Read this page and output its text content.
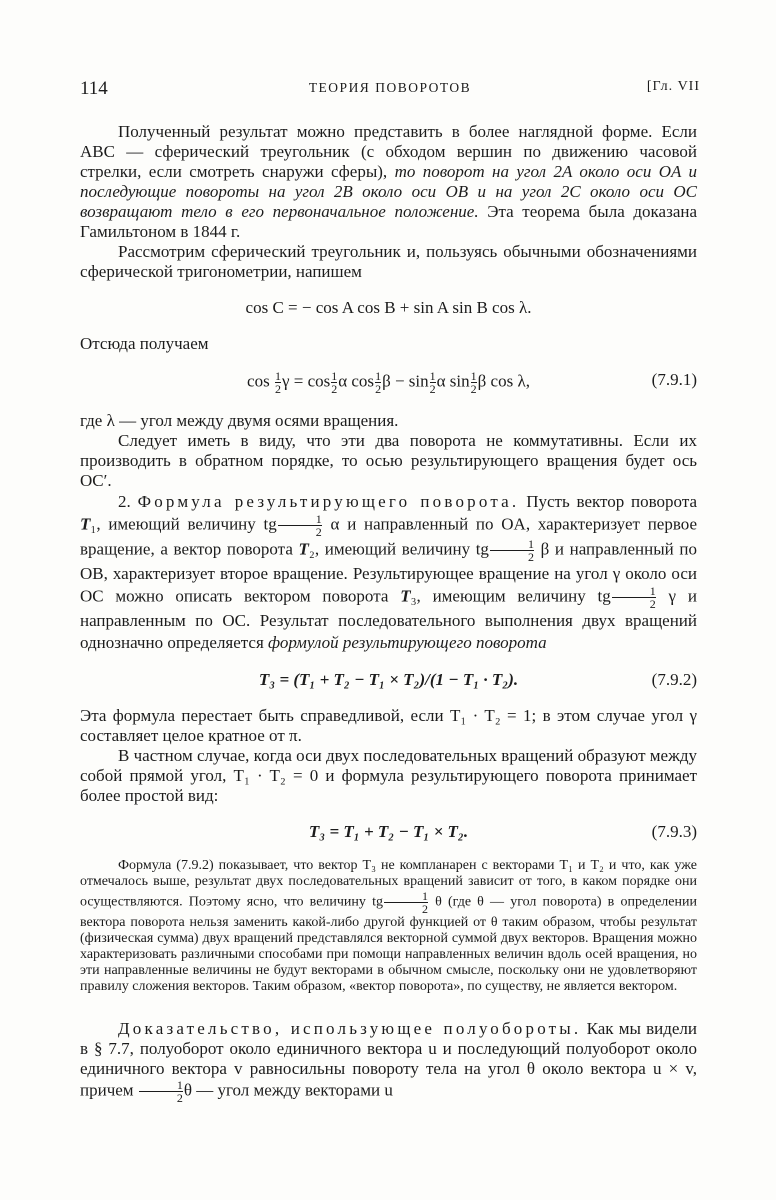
114	ТЕОРИЯ ПОВОРОТОВ	[Гл. VII

Полученный результат можно представить в более наглядной форме. Если ABC — сферический треугольник (с обходом вершин по движению часовой стрелки, если смотреть снаружи сферы), то поворот на угол 2A около оси OA и последующие повороты на угол 2B около оси OB и на угол 2C около оси OC возвращают тело в его первоначальное положение. Эта теорема была доказана Гамильтоном в 1844 г.

Рассмотрим сферический треугольник и, пользуясь обычными обозначениями сферической тригонометрии, напишем

cos C = − cos A cos B + sin A sin B cos λ.

Отсюда получаем

$\cos \frac{1}{2}$ $\gamma = \cos \frac{1}{2}$ α $\cos \frac{1}{2}$ $\beta - \sin \frac{1}{2}$ α $\sin \frac{1}{2}$ β cos λ,	(7.9.1)

где λ — угол между двумя осями вращения.

Следует иметь в виду, что эти два поворота не коммутативны. Если их производить в обратном порядке, то осью результирующего вращения будет ось OC′.

2. Формула результирующего поворота. Пусть вектор поворота T₁, имеющий величину tg $\frac{1}{2}$ α и направленный по OA, характеризует первое вращение, а вектор поворота T₂, имеющий величину tg $\frac{1}{2}$ β и направленный по OB, характеризует второе вращение. Результирующее вращение на угол γ около оси OC можно описать вектором поворота T₃, имеющим величину tg $\frac{1}{2}$ γ и направленным по OC. Результат последовательного выполнения двух вращений однозначно определяется формулой результирующего поворота

T₃ = (T₁ + T₂ − T₁ × T₂)/(1 − T₁ · T₂).	(7.9.2)

Эта формула перестает быть справедливой, если T₁ · T₂ = 1; в этом случае угол γ составляет целое кратное от π.

В частном случае, когда оси двух последовательных вращений образуют между собой прямой угол, T₁ · T₂ = 0 и формула результирующего поворота принимает более простой вид:

T₃ = T₁ + T₂ − T₁ × T₂.	(7.9.3)

Формула (7.9.2) показывает, что вектор T₃ не компланарен с векторами T₁ и T₂ и что, как уже отмечалось выше, результат двух последовательных вращений зависит от того, в каком порядке они осуществляются. Поэтому ясно, что величину tg $\frac{1}{2}$ θ (где θ — угол поворота) в определении вектора поворота нельзя заменить какой-либо другой функцией от θ таким образом, чтобы результат (физическая сумма) двух вращений представлялся векторной суммой двух векторов. Вращения можно характеризовать различными способами при помощи направленных величин вдоль осей вращения, но эти направленные величины не будут векторами в обычном смысле, поскольку они не удовлетворяют правилу сложения векторов. Таким образом, «вектор поворота», по существу, не является вектором.

Доказательство, использующее полуобороты. Как мы видели в § 7.7, полуоборот около единичного вектора u и последующий полуоборот около единичного вектора v равносильны повороту тела на угол θ около вектора u × v, причем $\frac{1}{2}$ θ — угол между векторами u
